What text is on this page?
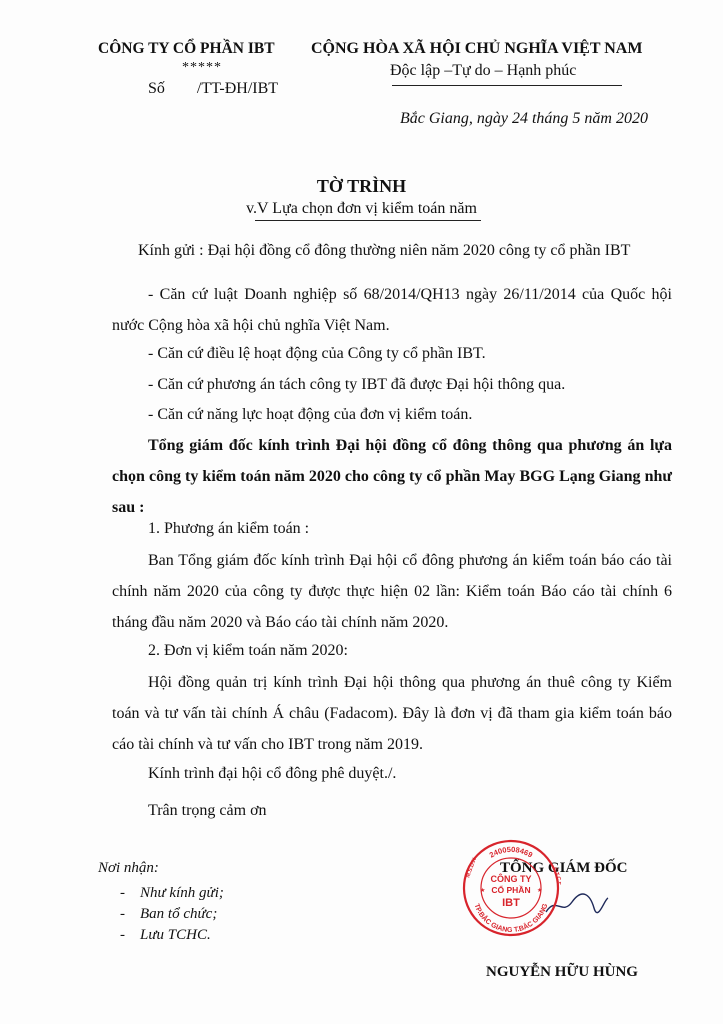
CÔNG TY CỔ PHẦN IBT
*****
Số        /TT-ĐH/IBT
CỘNG HÒA XÃ HỘI CHỦ NGHĨA VIỆT NAM
Độc lập –Tự do – Hạnh phúc
Bắc Giang, ngày 24 tháng 5 năm 2020
TỜ TRÌNH
v.V Lựa chọn đơn vị kiểm toán năm
Kính gửi : Đại hội đồng cổ đông thường niên năm 2020 công ty cổ phần IBT
- Căn cứ luật Doanh nghiệp số 68/2014/QH13 ngày 26/11/2014 của Quốc hội nước Cộng hòa xã hội chủ nghĩa Việt Nam.
- Căn cứ điều lệ hoạt động của Công ty cổ phần IBT.
- Căn cứ phương án tách công ty IBT đã được Đại hội thông qua.
- Căn cứ năng lực hoạt động của đơn vị kiểm toán.
Tổng giám đốc kính trình Đại hội đồng cổ đông thông qua phương án lựa chọn công ty kiểm toán năm 2020 cho công ty cổ phần May BGG Lạng Giang như sau :
1. Phương án kiểm toán :
Ban Tổng giám đốc kính trình Đại hội cổ đông phương án kiểm toán báo cáo tài chính năm 2020 của công ty được thực hiện 02 lần: Kiểm toán Báo cáo tài chính 6 tháng đầu năm 2020 và Báo cáo tài chính năm 2020.
2. Đơn vị kiểm toán năm 2020:
Hội đồng quản trị kính trình Đại hội thông qua phương án thuê công ty Kiểm toán và tư vấn tài chính Á châu (Fadacom). Đây là đơn vị đã tham gia kiểm toán báo cáo tài chính và tư vấn cho IBT trong năm 2019.
Kính trình đại hội cổ đông phê duyệt./.
Trân trọng cảm ơn
Nơi nhận:
-    Như kính gửi;
-    Ban tổ chức;
-    Lưu TCHC.
TỔNG GIÁM ĐỐC
NGUYỄN HỮU HÙNG
2400508469
TP.BẮC GIANG T.BẮC GIANG
CÔNG TY
CỔ PHẦN
IBT
M.S.D.N	C.T.C.P
★	★
